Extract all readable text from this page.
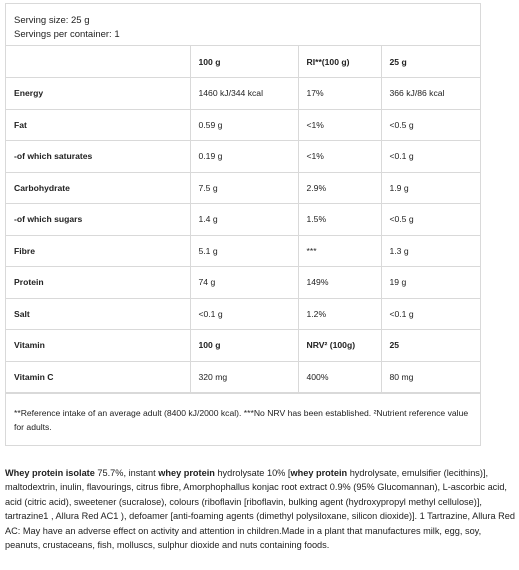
Serving size: 25 g
Servings per container: 1
	100 g	RI**(100 g)	25 g
Energy	1460 kJ/344 kcal	17%	366 kJ/86 kcal
Fat	0.59 g	<1%	<0.5 g
-of which saturates	0.19 g	<1%	<0.1 g
Carbohydrate	7.5 g	2.9%	1.9 g
-of which sugars	1.4 g	1.5%	<0.5 g
Fibre	5.1 g	***	1.3 g
Protein	74 g	149%	19 g
Salt	<0.1 g	1.2%	<0.1 g
Vitamin	100 g	NRV² (100g)	25
Vitamin C	320 mg	400%	80 mg
**Reference intake of an average adult (8400 kJ/2000 kcal). ***No NRV has been established. ²Nutrient reference value for adults.
Whey protein isolate 75.7%, instant whey protein hydrolysate 10% [whey protein hydrolysate, emulsifier (lecithins)], maltodextrin, inulin, flavourings, citrus fibre, Amorphophallus konjac root extract 0.9% (95% Glucomannan), L-ascorbic acid, acid (citric acid), sweetener (sucralose), colours (riboflavin [riboflavin, bulking agent (hydroxypropyl methyl cellulose)], tartrazine1 , Allura Red AC1 ), defoamer [anti-foaming agents (dimethyl polysiloxane, silicon dioxide)]. 1 Tartrazine, Allura Red AC: May have an adverse effect on activity and attention in children.Made in a plant that manufactures milk, egg, soy, peanuts, crustaceans, fish, molluscs, sulphur dioxide and nuts containing foods.
